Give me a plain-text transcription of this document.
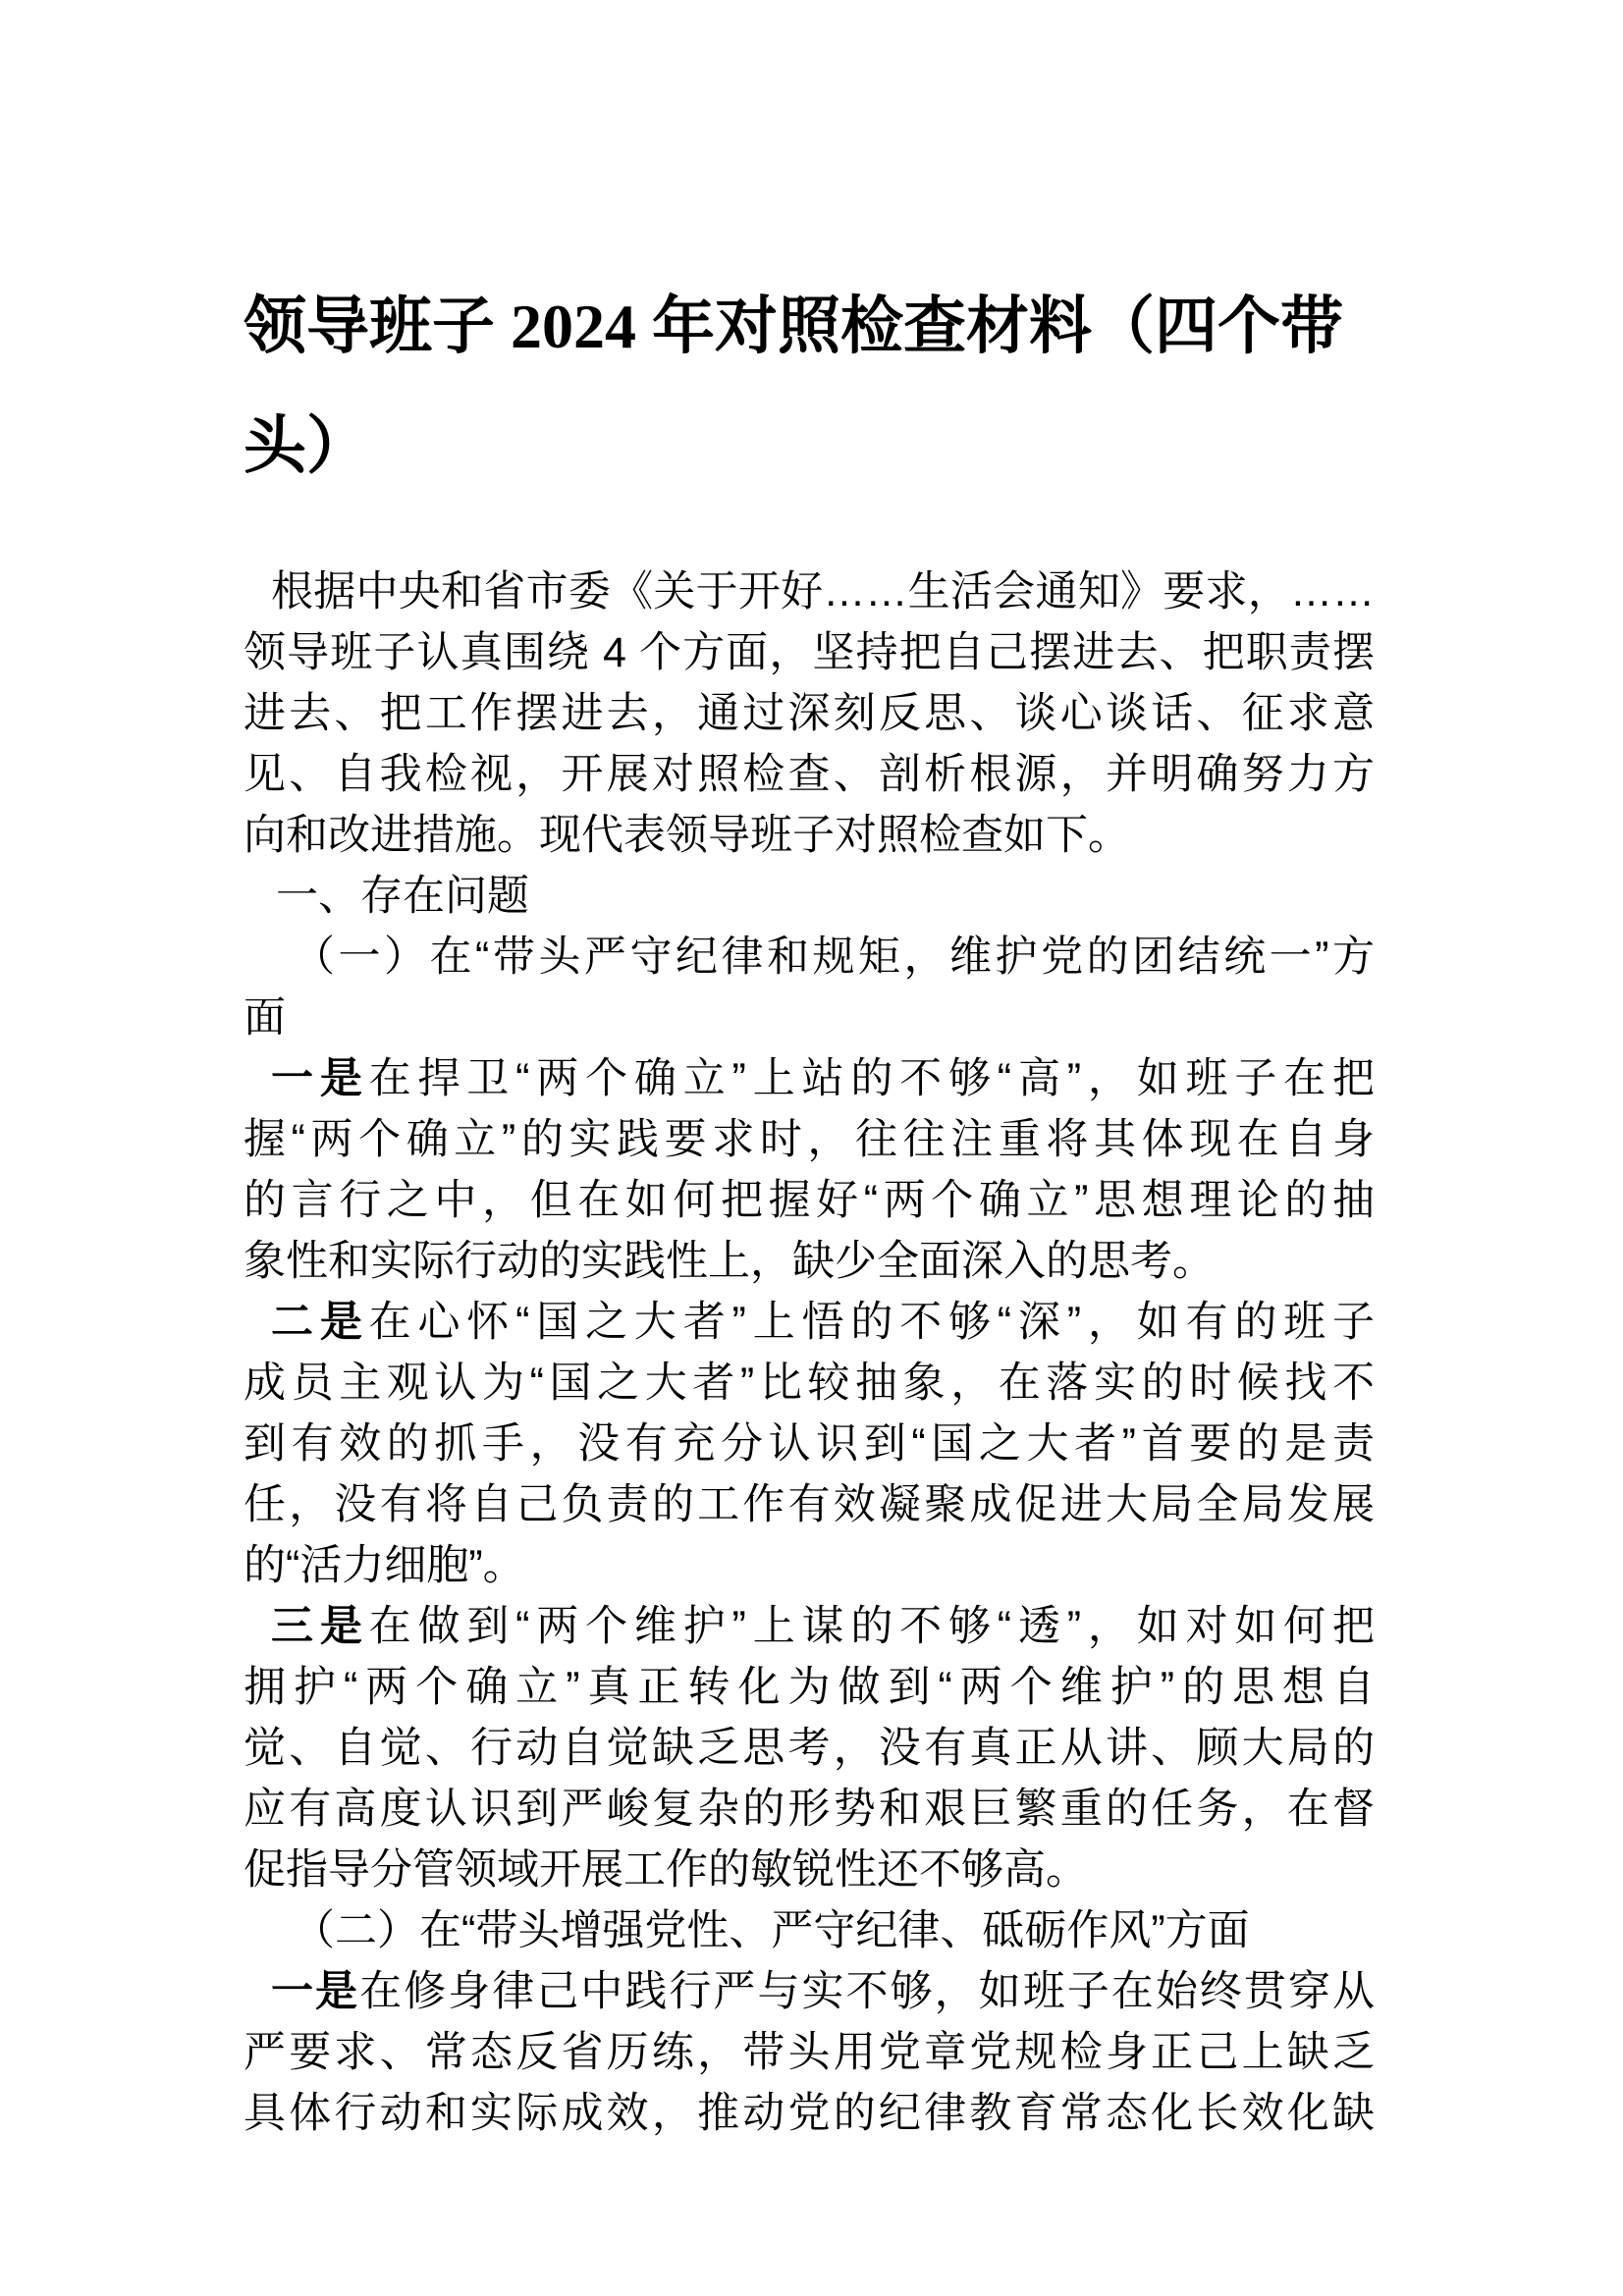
领导班子 2024 年对照检查材料（四个带
头）
根据中央和省市委《关于开好……生活会通知》要求，……
领导班子认真围绕 4 个方面，坚持把自己摆进去、把职责摆
进去、把工作摆进去，通过深刻反思、谈心谈话、征求意
见、自我检视，开展对照检查、剖析根源，并明确努力方
向和改进措施。现代表领导班子对照检查如下。
一、存在问题
（一）在“带头严守纪律和规矩，维护党的团结统一”方
面
一是在捍卫“两个确立”上站的不够“高”，如班子在把
握“两个确立”的实践要求时，往往注重将其体现在自身
的言行之中，但在如何把握好“两个确立”思想理论的抽
象性和实际行动的实践性上，缺少全面深入的思考。
二是在心怀“国之大者”上悟的不够“深”，如有的班子
成员主观认为“国之大者”比较抽象，在落实的时候找不
到有效的抓手，没有充分认识到“国之大者”首要的是责
任，没有将自己负责的工作有效凝聚成促进大局全局发展
的“活力细胞”。
三是在做到“两个维护”上谋的不够“透”，如对如何把
拥护“两个确立”真正转化为做到“两个维护”的思想自
觉、自觉、行动自觉缺乏思考，没有真正从讲、顾大局的
应有高度认识到严峻复杂的形势和艰巨繁重的任务，在督
促指导分管领域开展工作的敏锐性还不够高。
（二）在“带头增强党性、严守纪律、砥砺作风”方面
一是在修身律己中践行严与实不够，如班子在始终贯穿从
严要求、常态反省历练，带头用党章党规检身正己上缺乏
具体行动和实际成效，推动党的纪律教育常态化长效化缺
